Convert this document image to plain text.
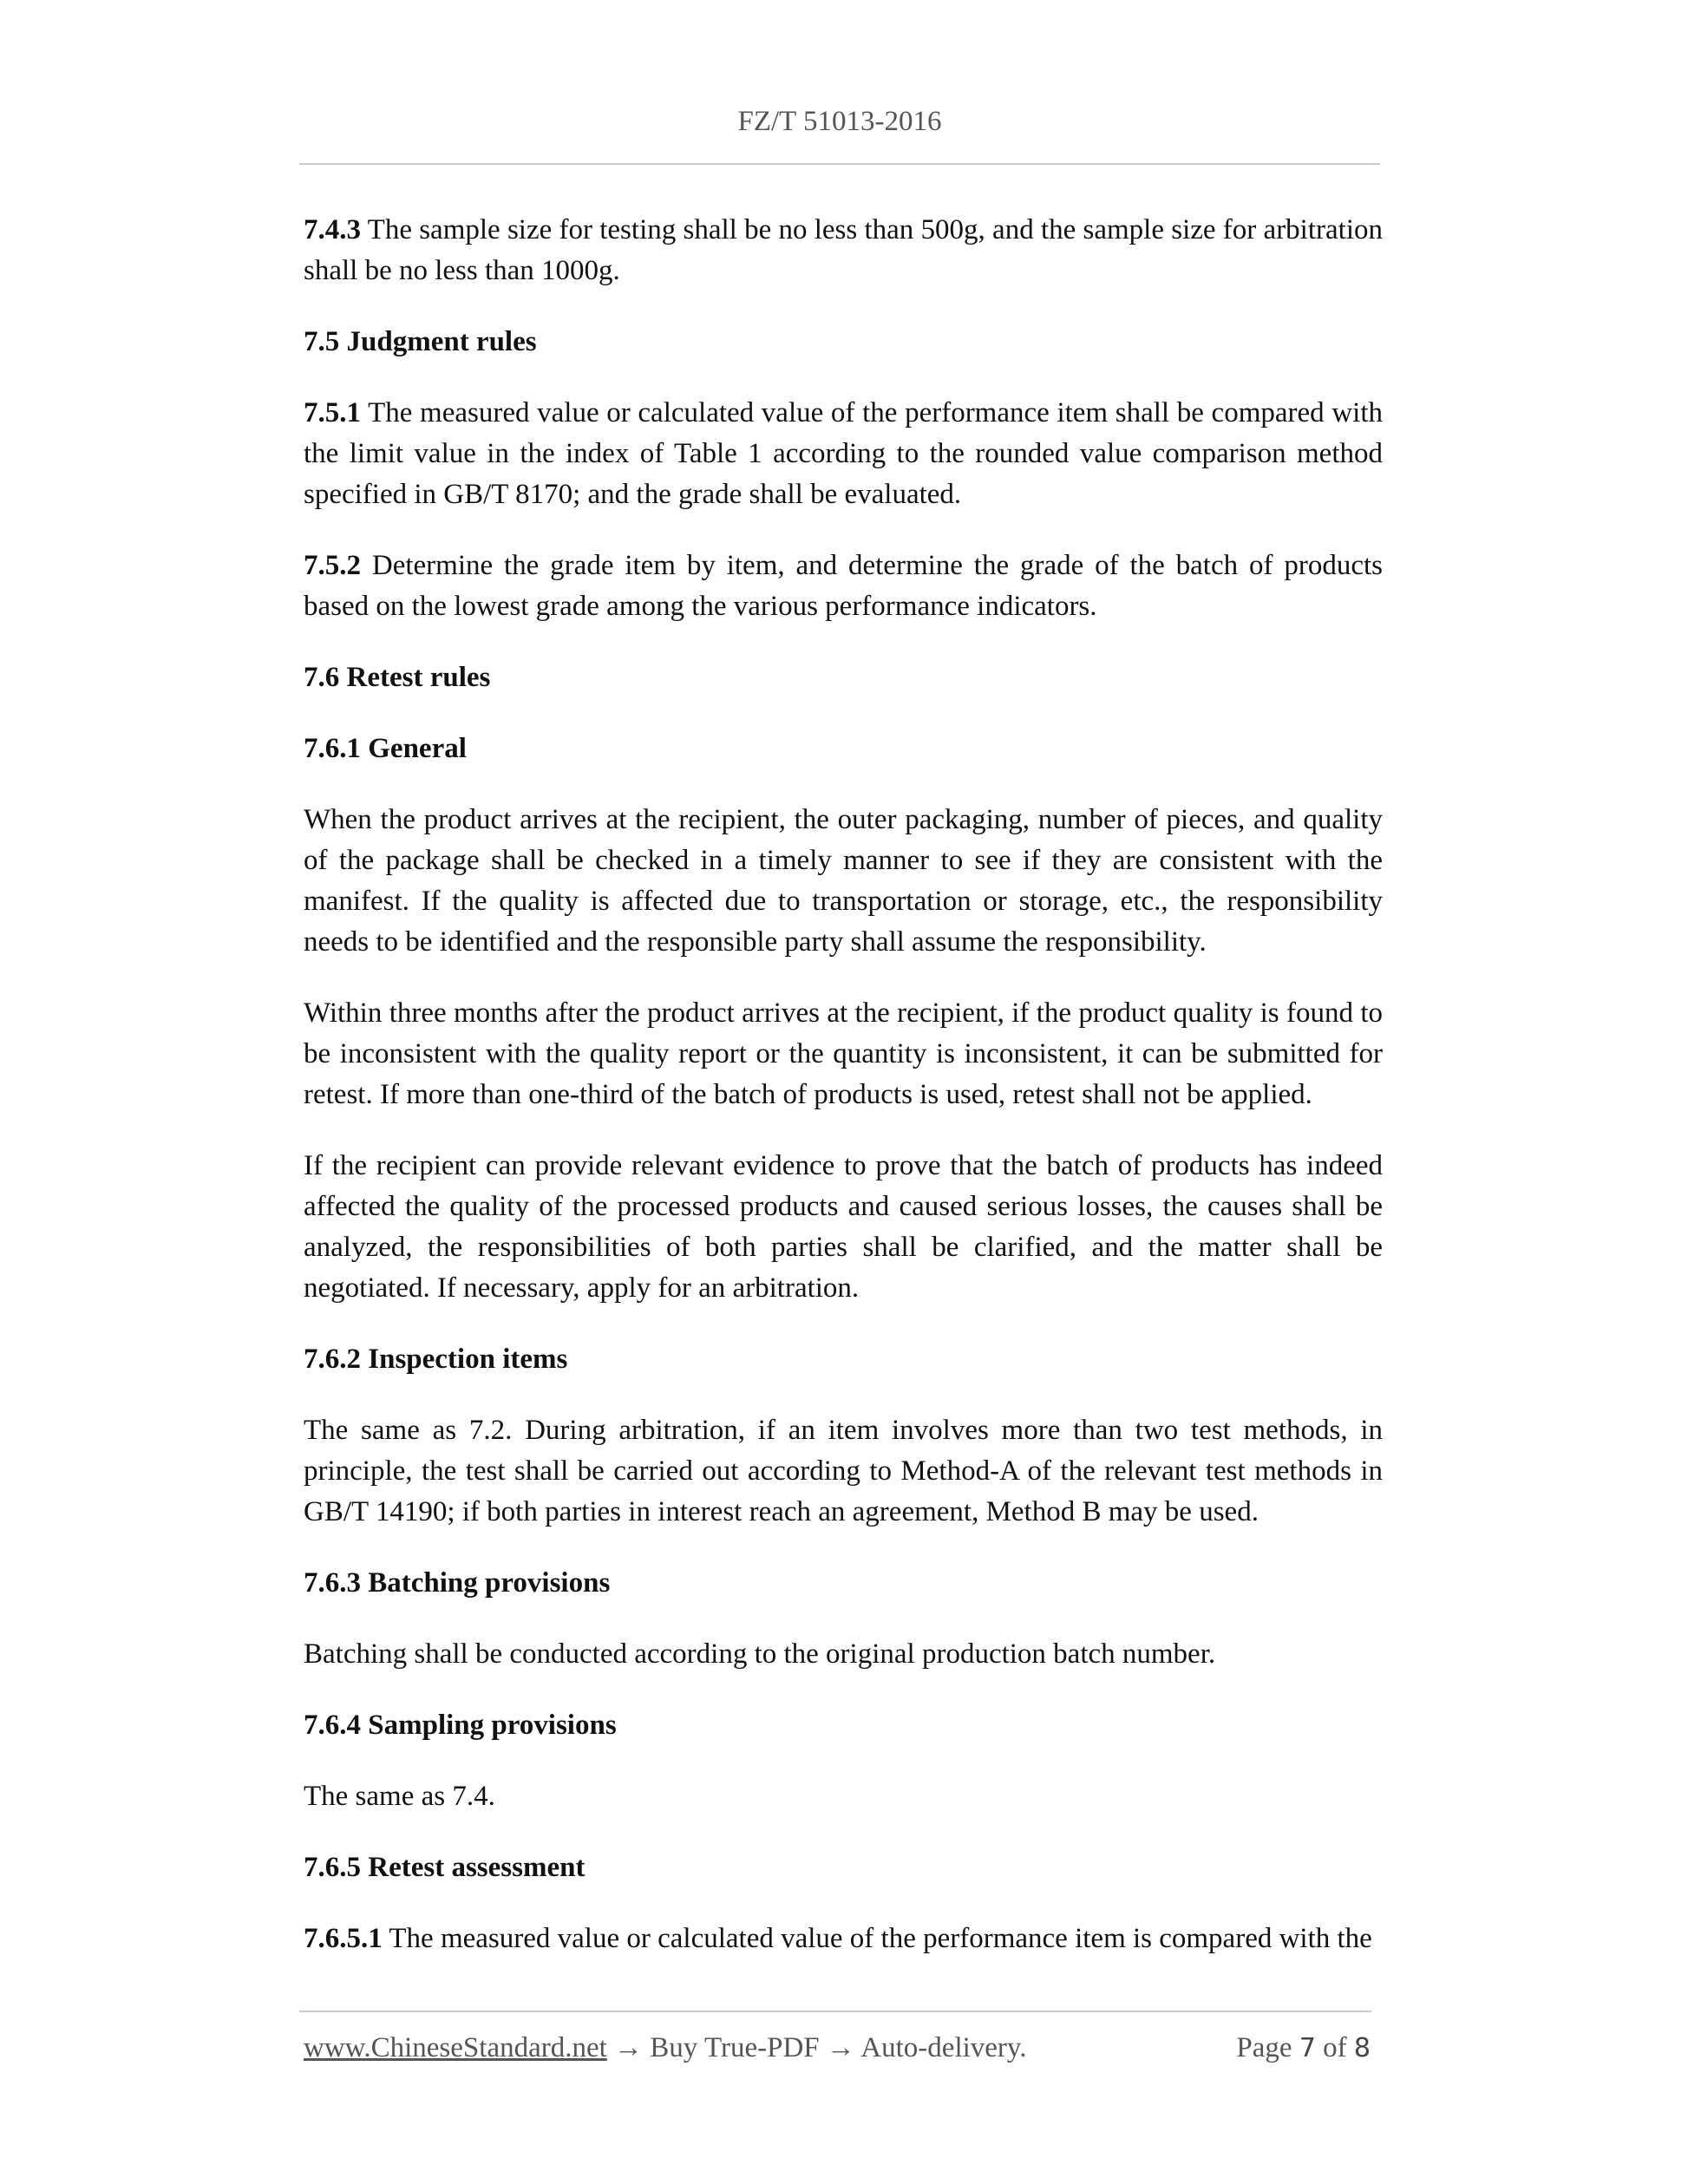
FZ/T 51013-2016

7.4.3 The sample size for testing shall be no less than 500g, and the sample size for arbitration shall be no less than 1000g.

7.5 Judgment rules

7.5.1 The measured value or calculated value of the performance item shall be compared with the limit value in the index of Table 1 according to the rounded value comparison method specified in GB/T 8170; and the grade shall be evaluated.

7.5.2 Determine the grade item by item, and determine the grade of the batch of products based on the lowest grade among the various performance indicators.

7.6 Retest rules
7.6.1 General

When the product arrives at the recipient, the outer packaging, number of pieces, and quality of the package shall be checked in a timely manner to see if they are consistent with the manifest. If the quality is affected due to transportation or storage, etc., the responsibility needs to be identified and the responsible party shall assume the responsibility.

Within three months after the product arrives at the recipient, if the product quality is found to be inconsistent with the quality report or the quantity is inconsistent, it can be submitted for retest. If more than one-third of the batch of products is used, retest shall not be applied.

If the recipient can provide relevant evidence to prove that the batch of products has indeed affected the quality of the processed products and caused serious losses, the causes shall be analyzed, the responsibilities of both parties shall be clarified, and the matter shall be negotiated. If necessary, apply for an arbitration.

7.6.2 Inspection items

The same as 7.2. During arbitration, if an item involves more than two test methods, in principle, the test shall be carried out according to Method-A of the relevant test methods in GB/T 14190; if both parties in interest reach an agreement, Method B may be used.

7.6.3 Batching provisions

Batching shall be conducted according to the original production batch number.

7.6.4 Sampling provisions

The same as 7.4.

7.6.5 Retest assessment

7.6.5.1 The measured value or calculated value of the performance item is compared with the

www.ChineseStandard.net → Buy True-PDF → Auto-delivery.	Page 7 of 8
